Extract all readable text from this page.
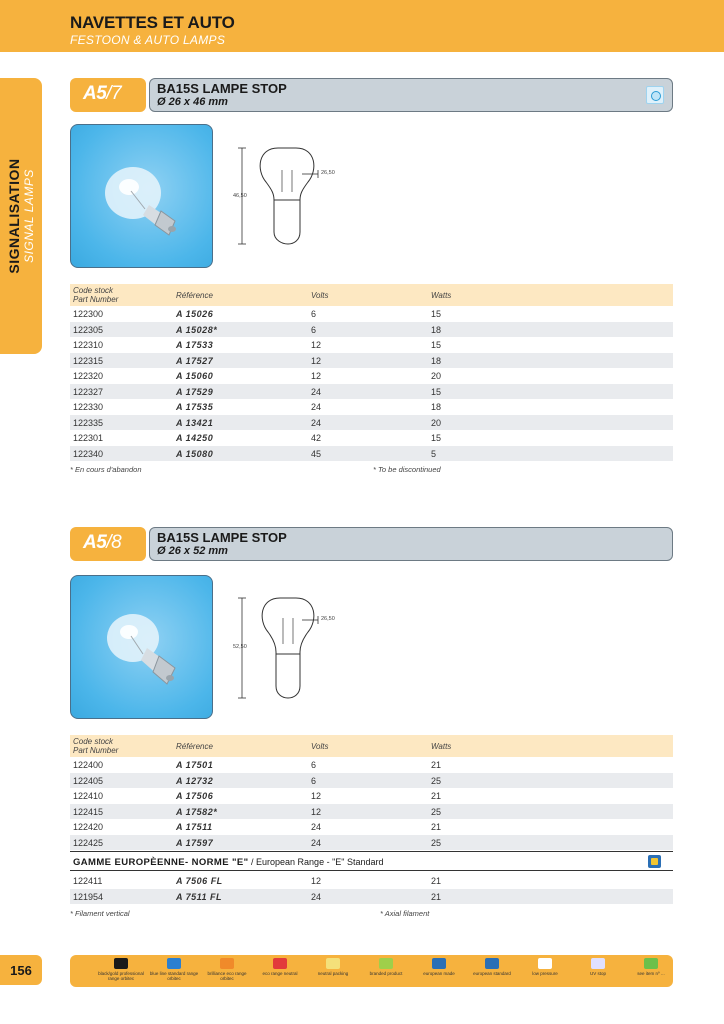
NAVETTES ET AUTO
FESTOON & AUTO LAMPS
SIGNALISATION SIGNAL LAMPS
A5/7	BA15S LAMPE STOP
Ø 26 x 46 mm
46,50
26,50
Code stock
Part Number	Référence	Volts	Watts
122300	A 15026	6	15
122305	A 15028*	6	18
122310	A 17533	12	15
122315	A 17527	12	18
122320	A 15060	12	20
122327	A 17529	24	15
122330	A 17535	24	18
122335	A 13421	24	20
122301	A 14250	42	15
122340	A 15080	45	5
* En cours d'abandon	* To be discontinued
A5/8	BA15S LAMPE STOP
Ø 26 x 52 mm
52,50
26,50
Code stock
Part Number	Référence	Volts	Watts
122400	A 17501	6	21
122405	A 12732	6	25
122410	A 17506	12	21
122415	A 17582*	12	25
122420	A 17511	24	21
122425	A 17597	24	25
GAMME EUROPÈENNE- NORME "E" / European Range - "E" Standard
122411	A 7506 FL	12	21
121954	A 7511 FL	24	21
* Filament vertical	* Axial filament
156	black/gold professional range orbitec
blue line standard range orbitec
brilliance eco range orbitec
eco range neutral	neutral packing	branded product	european made	european standard	low pressure	UV stop	see item nº ...
